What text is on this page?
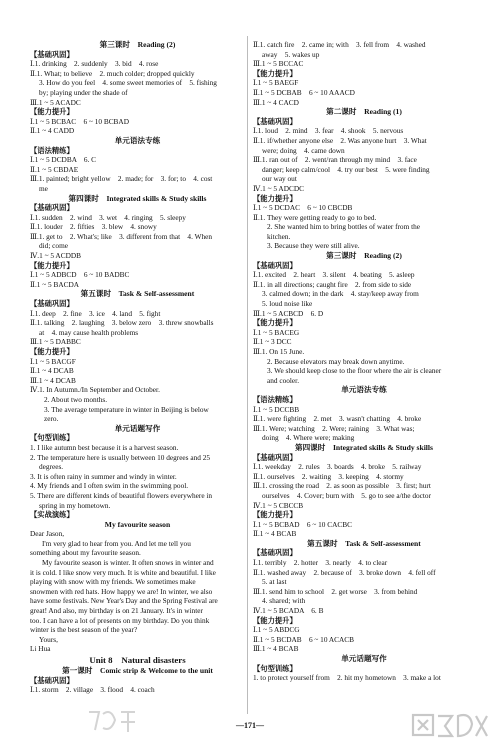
第三课时　Reading (2)
【基础巩固】
Ⅰ.1. drinking　2. suddenly　3. bid　4. rose
Ⅱ.1. What; to believe　2. much colder; dropped quickly
3. How do you feel　4. some sweet memories of　5. fishing
by; playing under the shade of
Ⅲ.1 ~ 5 ACADC
【能力提升】
Ⅰ.1 ~ 5 BCBAC　6 ~ 10 BCBAD
Ⅱ.1 ~ 4 CADD
单元语法专练
【语法精练】
Ⅰ.1 ~ 5 DCDBA　6. C
Ⅱ.1 ~ 5 CBDAE
Ⅲ.1. painted; bright yellow　2. made; for　3. for; to　4. cost
me
第四课时　Integrated skills & Study skills
【基础巩固】
Ⅰ.1. sudden　2. wind　3. wet　4. ringing　5. sleepy
Ⅱ.1. louder　2. fifties　3. blew　4. snowy
Ⅲ.1. get to　2. What's; like　3. different from that　4. When
did; come
Ⅳ.1 ~ 5 ACDDB
【能力提升】
Ⅰ.1 ~ 5 ADBCD　6 ~ 10 BADBC
Ⅱ.1 ~ 5 BACDA
第五课时　Task & Self-assessment
【基础巩固】
Ⅰ.1. deep　2. fine　3. ice　4. land　5. fight
Ⅱ.1. talking　2. laughing　3. below zero　3. threw snowballs
at　4. may cause health problems
Ⅲ.1 ~ 5 DABBC
【能力提升】
Ⅰ.1 ~ 5 BACGF
Ⅱ.1 ~ 4 DCAB
Ⅲ.1 ~ 4 DCAB
Ⅳ.1. In Autumn./In September and October.
2. About two months.
3. The average temperature in winter in Beijing is below
zero.
单元话题写作
【句型训练】
1. I like autumn best because it is a harvest season.
2. The temperature here is usually between 10 degrees and 25
degrees.
3. It is often rainy in summer and windy in winter.
4. My friends and I often swim in the swimming pool.
5. There are different kinds of beautiful flowers everywhere in
spring in my hometown.
【实战演练】
My favourite season
Dear Jason,
I'm very glad to hear from you. And let me tell you
something about my favourite season.
My favourite season is winter. It often snows in winter and
it is cold. I like snow very much. It is white and beautiful. I like
playing with snow with my friends. We sometimes make
snowmen with red hats. How happy we are! In winter, we also
have some festivals. New Year's Day and the Spring Festival are
great! And also, my birthday is on 21 January. It's in winter
too. I can have a lot of presents on my birthday. Do you think
winter is the best season of the year?
Yours,
Li Hua
Unit 8　Natural disasters
第一课时　Comic strip & Welcome to the unit
【基础巩固】
Ⅰ.1. storm　2. village　3. flood　4. coach
Ⅱ.1. catch fire　2. came in; with　3. fell from　4. washed
away　5. wakes up
Ⅲ.1 ~ 5 BCCAC
【能力提升】
Ⅰ.1 ~ 5 BAEGF
Ⅱ.1 ~ 5 DCBAB　6 ~ 10 AAACD
Ⅲ.1 ~ 4 CACD
第二课时　Reading (1)
【基础巩固】
Ⅰ.1. loud　2. mind　3. fear　4. shook　5. nervous
Ⅱ.1. if/whether anyone else　2. Was anyone hurt　3. What
were; doing　4. came down
Ⅲ.1. ran out of　2. went/ran through my mind　3. face
danger; keep calm/cool　4. try our best　5. were finding
our way out
Ⅳ.1 ~ 5 ADCDC
【能力提升】
Ⅰ.1 ~ 5 DCDAC　6 ~ 10 CBCDB
Ⅱ.1. They were getting ready to go to bed.
2. She wanted him to bring bottles of water from the
kitchen.
3. Because they were still alive.
第三课时　Reading (2)
【基础巩固】
Ⅰ.1. excited　2. heart　3. silent　4. beating　5. asleep
Ⅱ.1. in all directions; caught fire　2. from side to side
3. calmed down; in the dark　4. stay/keep away from
5. loud noise like
Ⅲ.1 ~ 5 ACBCD　6. D
【能力提升】
Ⅰ.1 ~ 5 BACEG
Ⅱ.1 ~ 3 DCC
Ⅲ.1. On 15 June.
2. Because elevators may break down anytime.
3. We should keep close to the floor where the air is cleaner
and cooler.
单元语法专练
【语法精练】
Ⅰ.1 ~ 5 DCCBB
Ⅱ.1. were fighting　2. met　3. wasn't chatting　4. broke
Ⅲ.1. Were; watching　2. Were; raining　3. What was;
doing　4. Where were; making
第四课时　Integrated skills & Study skills
【基础巩固】
Ⅰ.1. weekday　2. rules　3. boards　4. broke　5. railway
Ⅱ.1. ourselves　2. waiting　3. keeping　4. stormy
Ⅲ.1. crossing the road　2. as soon as possible　3. first; hurt
ourselves　4. Cover; burn with　5. go to see a/the doctor
Ⅳ.1 ~ 5 CBCCB
【能力提升】
Ⅰ.1 ~ 5 BCBAD　6 ~ 10 CACBC
Ⅱ.1 ~ 4 BCAB
第五课时　Task & Self-assessment
【基础巩固】
Ⅰ.1. terribly　2. hotter　3. nearly　4. to clear
Ⅱ.1. washed away　2. because of　3. broke down　4. fell off
5. at last
Ⅲ.1. send him to school　2. get worse　3. from behind
4. shared; with
Ⅳ.1 ~ 5 BCADA　6. B
【能力提升】
Ⅰ.1 ~ 5 ABDCG
Ⅱ.1 ~ 5 BCDAB　6 ~ 10 ACACB
Ⅲ.1 ~ 4 BCAB
单元话题写作
【句型训练】
1. to protect yourself from　2. hit my hometown　3. make a lot
—171—
